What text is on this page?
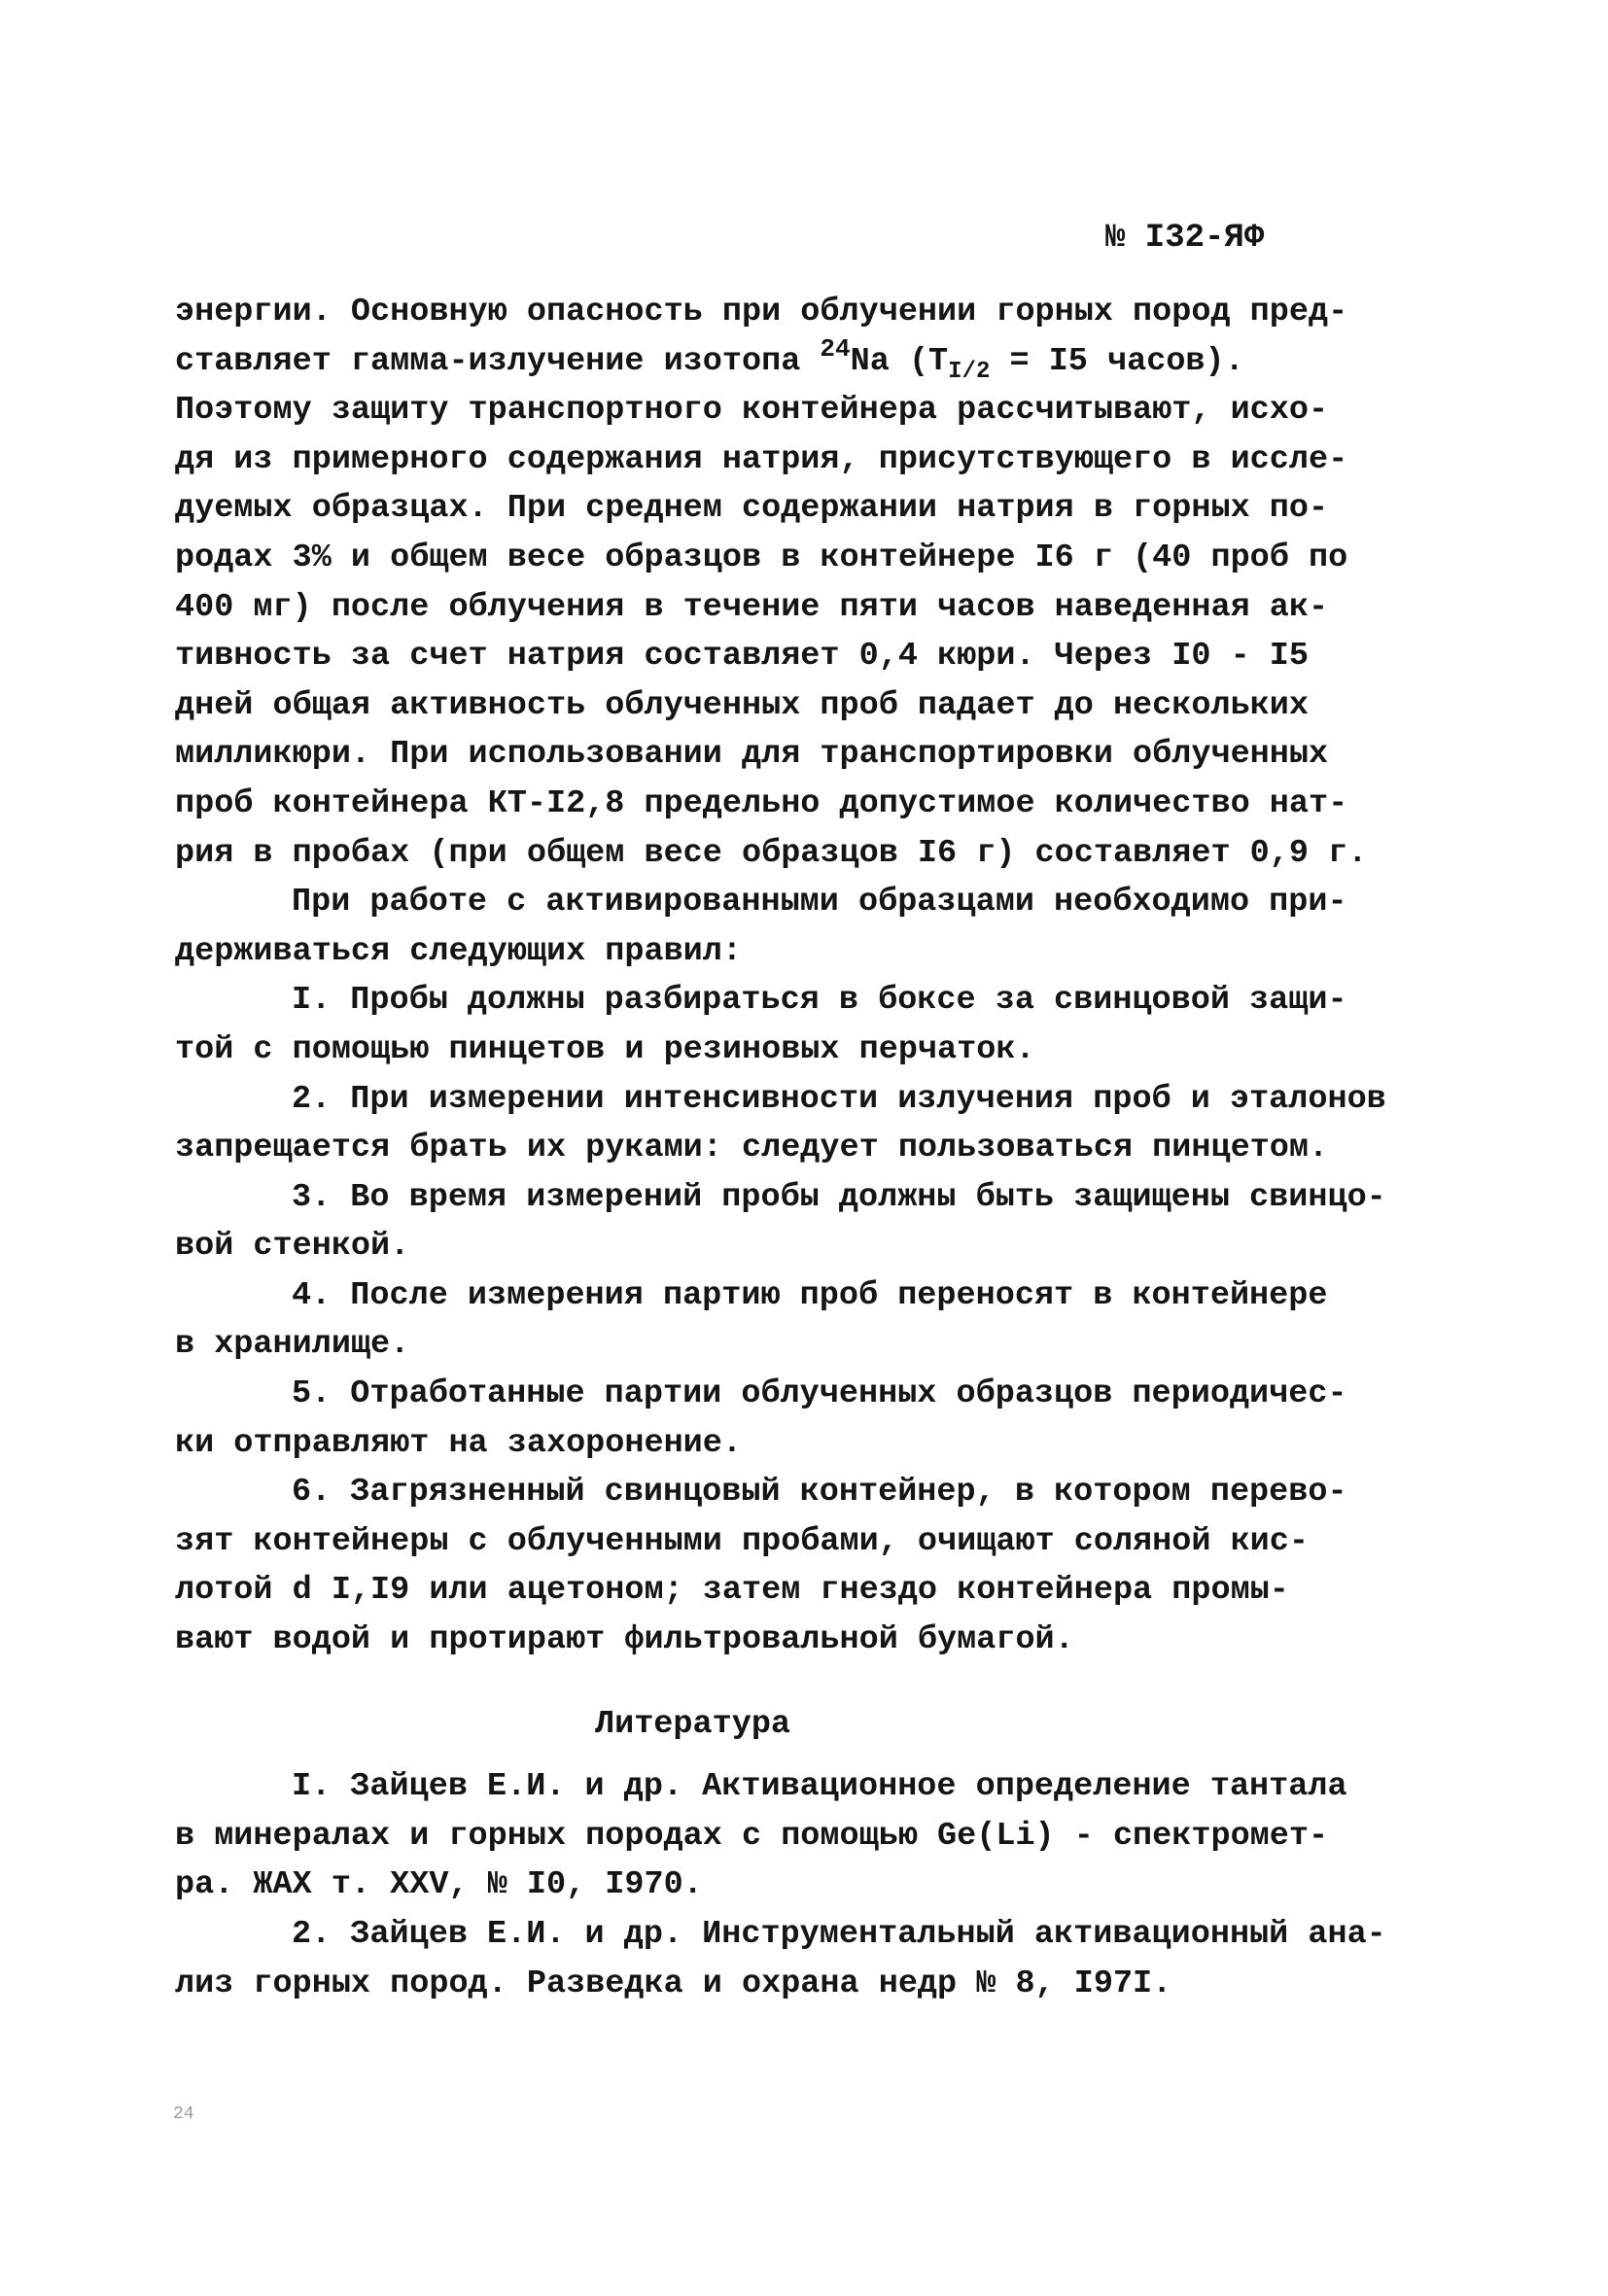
№ I32-ЯФ
энергии. Основную опасность при облучении горных пород пред-
ставляет гамма-излучение изотопа $^{24}$Na ($T_{I/2} = I5$ часов).
Поэтому защиту транспортного контейнера рассчитывают, исхо-
дя из примерного содержания натрия, присутствующего в иссле-
дуемых образцах. При среднем содержании натрия в горных по-
родах 3% и общем весе образцов в контейнере I6 г (40 проб по
400 мг) после облучения в течение пяти часов наведенная ак-
тивность за счет натрия составляет 0,4 кюри. Через I0 - I5
дней общая активность облученных проб падает до нескольких
милликюри. При использовании для транспортировки облученных
проб контейнера КТ-I2,8 предельно допустимое количество нат-
рия в пробах (при общем весе образцов I6 г) составляет 0,9 г.
При работе с активированными образцами необходимо при-
держиваться следующих правил:
I. Пробы должны разбираться в боксе за свинцовой защи-
той с помощью пинцетов и резиновых перчаток.
2. При измерении интенсивности излучения проб и эталонов
запрещается брать их руками: следует пользоваться пинцетом.
3. Во время измерений пробы должны быть защищены свинцо-
вой стенкой.
4. После измерения партию проб переносят в контейнере
в хранилище.
5. Отработанные партии облученных образцов периодичес-
ки отправляют на захоронение.
6. Загрязненный свинцовый контейнер, в котором перево-
зят контейнеры с облученными пробами, очищают соляной кис-
лотой d I,I9 или ацетоном; затем гнездо контейнера промы-
вают водой и протирают фильтровальной бумагой.
Литература
I. Зайцев Е.И. и др. Активационное определение тантала
в минералах и горных породах с помощью Ge(Li) - спектромет-
ра. ЖАХ т. XXV, № I0, I970.
2. Зайцев Е.И. и др. Инструментальный активационный ана-
лиз горных пород. Разведка и охрана недр № 8, I97I.
24
